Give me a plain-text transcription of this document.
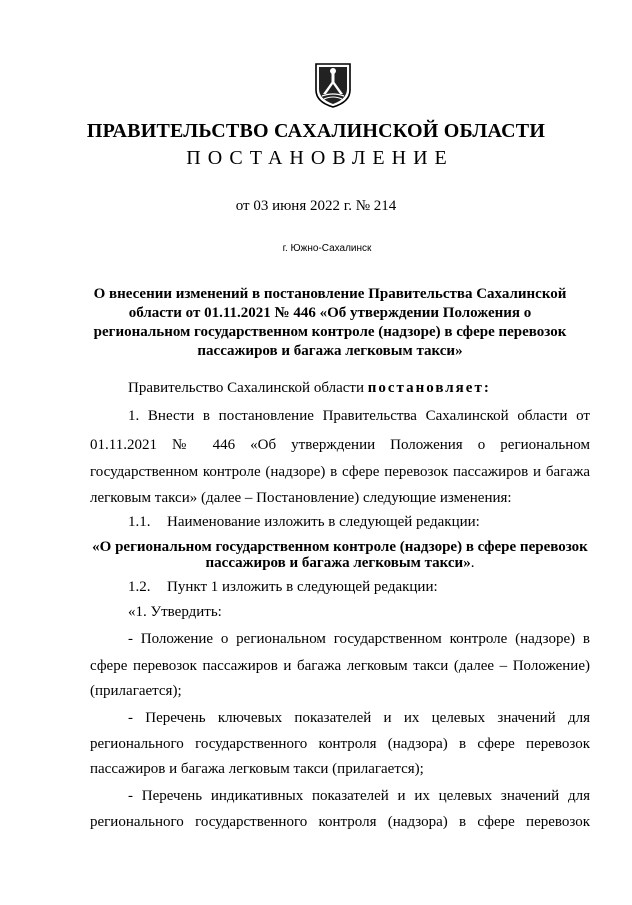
ПРАВИТЕЛЬСТВО САХАЛИНСКОЙ ОБЛАСТИ
ПОСТАНОВЛЕНИЕ
от 03 июня 2022 г. № 214
г. Южно-Сахалинск
О внесении изменений в постановление Правительства Сахалинской
области от 01.11.2021 № 446 «Об утверждении Положения о
региональном государственном контроле (надзоре) в сфере перевозок
пассажиров и багажа легковым такси»
Правительство Сахалинской области постановляет:
1. Внести в постановление Правительства Сахалинской области от
01.11.2021 № 446 «Об утверждении Положения о региональном
государственном контроле (надзоре) в сфере перевозок пассажиров и багажа
легковым такси» (далее – Постановление) следующие изменения:
1.1. Наименование изложить в следующей редакции:
«О региональном государственном контроле (надзоре) в сфере перевозок
пассажиров и багажа легковым такси».
1.2. Пункт 1 изложить в следующей редакции:
«1. Утвердить:
- Положение о региональном государственном контроле (надзоре) в
сфере перевозок пассажиров и багажа легковым такси (далее – Положение)
(прилагается);
- Перечень ключевых показателей и их целевых значений для
регионального государственного контроля (надзора) в сфере перевозок
пассажиров и багажа легковым такси (прилагается);
- Перечень индикативных показателей и их целевых значений для
регионального государственного контроля (надзора) в сфере перевозок
